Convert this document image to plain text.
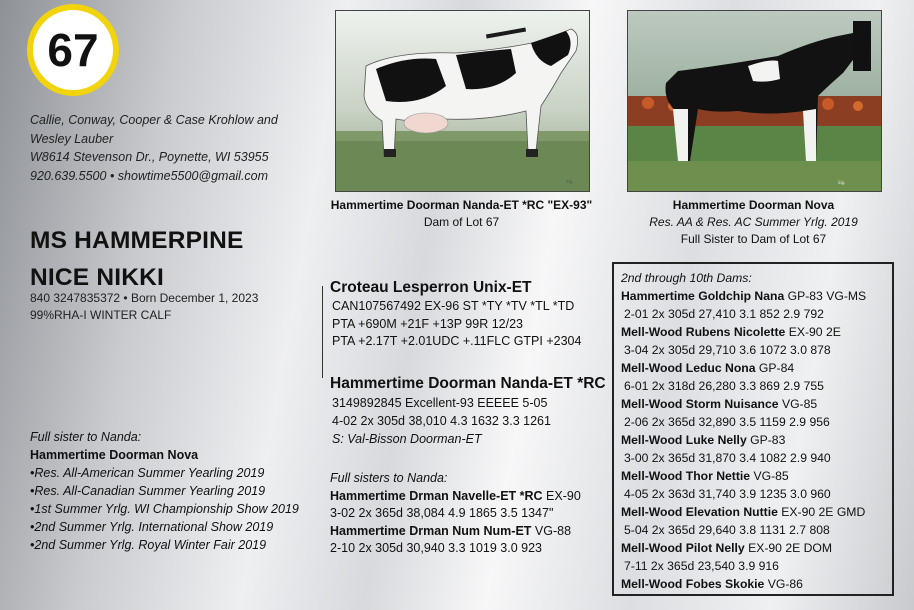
67
Callie, Conway, Cooper & Case Krohlow and
Wesley Lauber
W8614 Stevenson Dr., Poynette, WI 53955
920.639.5500 • showtime5500@gmail.com
MS HAMMERPINE
NICE NIKKI
840 3247835372 • Born December 1, 2023
99%RHA-I WINTER CALF
Sig.
Hammertime Doorman Nanda-ET *RC "EX-93"
Dam of Lot 67
Sig.
Hammertime Doorman Nova
Res. AA & Res. AC Summer Yrlg. 2019
Full Sister to Dam of Lot 67
Croteau Lesperron Unix-ET
CAN107567492 EX-96 ST *TY *TV *TL *TD
PTA +690M +21F +13P 99R 12/23
PTA +2.17T +2.01UDC +.11FLC GTPI +2304
Hammertime Doorman Nanda-ET *RC
3149892845 Excellent-93 EEEEE 5-05
4-02 2x 305d 38,010 4.3 1632 3.3 1261
S: Val-Bisson Doorman-ET
Full sisters to Nanda:
Hammertime Drman Navelle-ET *RC EX-90
3-02 2x 365d 38,084 4.9 1865 3.5 1347"
Hammertime Drman Num Num-ET VG-88
2-10 2x 305d 30,940 3.3 1019 3.0 923
Full sister to Nanda:
Hammertime Doorman Nova
•Res. All-American Summer Yearling 2019
•Res. All-Canadian Summer Yearling 2019
•1st Summer Yrlg. WI Championship Show 2019
•2nd Summer Yrlg. International Show 2019
•2nd Summer Yrlg. Royal Winter Fair 2019
2nd through 10th Dams:
Hammertime Goldchip Nana GP-83 VG-MS
2-01 2x 305d 27,410 3.1 852 2.9 792
Mell-Wood Rubens Nicolette EX-90 2E
3-04 2x 305d 29,710 3.6 1072 3.0 878
Mell-Wood Leduc Nona GP-84
6-01 2x 318d 26,280 3.3 869 2.9 755
Mell-Wood Storm Nuisance VG-85
2-06 2x 365d 32,890 3.5 1159 2.9 956
Mell-Wood Luke Nelly GP-83
3-00 2x 365d 31,870 3.4 1082 2.9 940
Mell-Wood Thor Nettie VG-85
4-05 2x 363d 31,740 3.9 1235 3.0 960
Mell-Wood Elevation Nuttie EX-90 2E GMD
5-04 2x 365d 29,640 3.8 1131 2.7 808
Mell-Wood Pilot Nelly EX-90 2E DOM
7-11 2x 365d 23,540 3.9 916
Mell-Wood Fobes Skokie VG-86
